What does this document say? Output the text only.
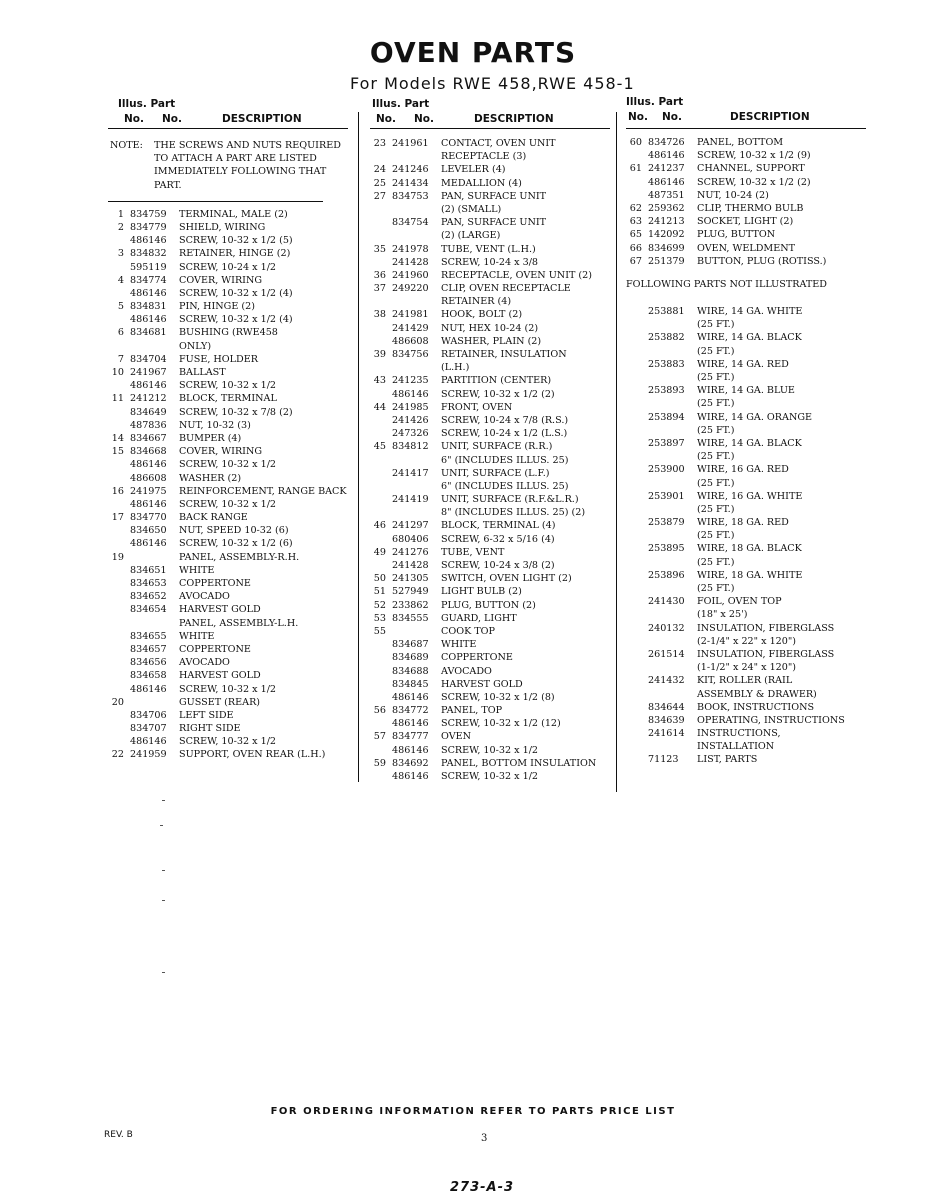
OVEN PARTS
For Models RWE 458,RWE 458-1
Illus. Part
No. No.	DESCRIPTION
NOTE: THE SCREWS AND NUTS REQUIRED
TO ATTACH A PART ARE LISTED
IMMEDIATELY FOLLOWING THAT
PART.
1 834759 TERMINAL, MALE (2)
2 834779 SHIELD, WIRING
486146 SCREW, 10-32 x 1/2 (5)
3 834832 RETAINER, HINGE (2)
595119 SCREW, 10-24 x 1/2
4 834774 COVER, WIRING
486146 SCREW, 10-32 x 1/2 (4)
5 834831 PIN, HINGE (2)
486146 SCREW, 10-32 x 1/2 (4)
6 834681 BUSHING (RWE458
ONLY)
7 834704 FUSE, HOLDER
10 241967 BALLAST
486146 SCREW, 10-32 x 1/2
11 241212 BLOCK, TERMINAL
834649 SCREW, 10-32 x 7/8 (2)
487836 NUT, 10-32 (3)
14 834667 BUMPER (4)
15 834668 COVER, WIRING
486146 SCREW, 10-32 x 1/2
486608 WASHER (2)
16 241975 REINFORCEMENT, RANGE BACK
486146 SCREW, 10-32 x 1/2
17 834770 BACK RANGE
834650 NUT, SPEED 10-32 (6)
486146 SCREW, 10-32 x 1/2 (6)
19	PANEL, ASSEMBLY-R.H.
834651 WHITE
834653 COPPERTONE
834652 AVOCADO
834654 HARVEST GOLD
PANEL, ASSEMBLY-L.H.
834655 WHITE
834657 COPPERTONE
834656 AVOCADO
834658 HARVEST GOLD
486146 SCREW, 10-32 x 1/2
20	GUSSET (REAR)
834706 LEFT SIDE
834707 RIGHT SIDE
486146 SCREW, 10-32 x 1/2
22 241959 SUPPORT, OVEN REAR (L.H.)
Illus. Part
No. No.	DESCRIPTION
23 241961 CONTACT, OVEN UNIT
RECEPTACLE (3)
24 241246 LEVELER (4)
25 241434 MEDALLION (4)
27 834753 PAN, SURFACE UNIT
(2) (SMALL)
834754 PAN, SURFACE UNIT
(2) (LARGE)
35 241978 TUBE, VENT (L.H.)
241428 SCREW, 10-24 x 3/8
36 241960 RECEPTACLE, OVEN UNIT (2)
37 249220 CLIP, OVEN RECEPTACLE
RETAINER (4)
38 241981 HOOK, BOLT (2)
241429 NUT, HEX 10-24 (2)
486608 WASHER, PLAIN (2)
39 834756 RETAINER, INSULATION
(L.H.)
43 241235 PARTITION (CENTER)
486146 SCREW, 10-32 x 1/2 (2)
44 241985 FRONT, OVEN
241426 SCREW, 10-24 x 7/8 (R.S.)
247326 SCREW, 10-24 x 1/2 (L.S.)
45 834812 UNIT, SURFACE (R.R.)
6" (INCLUDES ILLUS. 25)
241417 UNIT, SURFACE (L.F.)
6" (INCLUDES ILLUS. 25)
241419 UNIT, SURFACE (R.F.&L.R.)
8" (INCLUDES ILLUS. 25) (2)
46 241297 BLOCK, TERMINAL (4)
680406 SCREW, 6-32 x 5/16 (4)
49 241276 TUBE, VENT
241428 SCREW, 10-24 x 3/8 (2)
50 241305 SWITCH, OVEN LIGHT (2)
51 527949 LIGHT BULB (2)
52 233862 PLUG, BUTTON (2)
53 834555 GUARD, LIGHT
55	COOK TOP
834687 WHITE
834689 COPPERTONE
834688 AVOCADO
834845 HARVEST GOLD
486146 SCREW, 10-32 x 1/2 (8)
56 834772 PANEL, TOP
486146 SCREW, 10-32 x 1/2 (12)
57 834777 OVEN
486146 SCREW, 10-32 x 1/2
59 834692 PANEL, BOTTOM INSULATION
486146 SCREW, 10-32 x 1/2
Illus. Part
No. No.	DESCRIPTION
60 834726 PANEL, BOTTOM
486146 SCREW, 10-32 x 1/2 (9)
61 241237 CHANNEL, SUPPORT
486146 SCREW, 10-32 x 1/2 (2)
487351 NUT, 10-24 (2)
62 259362 CLIP, THERMO BULB
63 241213 SOCKET, LIGHT (2)
65 142092 PLUG, BUTTON
66 834699 OVEN, WELDMENT
67 251379 BUTTON, PLUG (ROTISS.)
FOLLOWING PARTS NOT ILLUSTRATED
253881 WIRE, 14 GA. WHITE
(25 FT.)
253882 WIRE, 14 GA. BLACK
(25 FT.)
253883 WIRE, 14 GA. RED
(25 FT.)
253893 WIRE, 14 GA. BLUE
(25 FT.)
253894 WIRE, 14 GA. ORANGE
(25 FT.)
253897 WIRE, 14 GA. BLACK
(25 FT.)
253900 WIRE, 16 GA. RED
(25 FT.)
253901 WIRE, 16 GA. WHITE
(25 FT.)
253879 WIRE, 18 GA. RED
(25 FT.)
253895 WIRE, 18 GA. BLACK
(25 FT.)
253896 WIRE, 18 GA. WHITE
(25 FT.)
241430 FOIL, OVEN TOP
(18" x 25')
240132 INSULATION, FIBERGLASS
(2-1/4" x 22" x 120")
261514 INSULATION, FIBERGLASS
(1-1/2" x 24" x 120")
241432 KIT, ROLLER (RAIL
ASSEMBLY & DRAWER)
834644 BOOK, INSTRUCTIONS
834639 OPERATING, INSTRUCTIONS
241614 INSTRUCTIONS,
INSTALLATION
71123 LIST, PARTS
FOR ORDERING INFORMATION REFER TO PARTS PRICE LIST
REV. B	3
273-A-3
